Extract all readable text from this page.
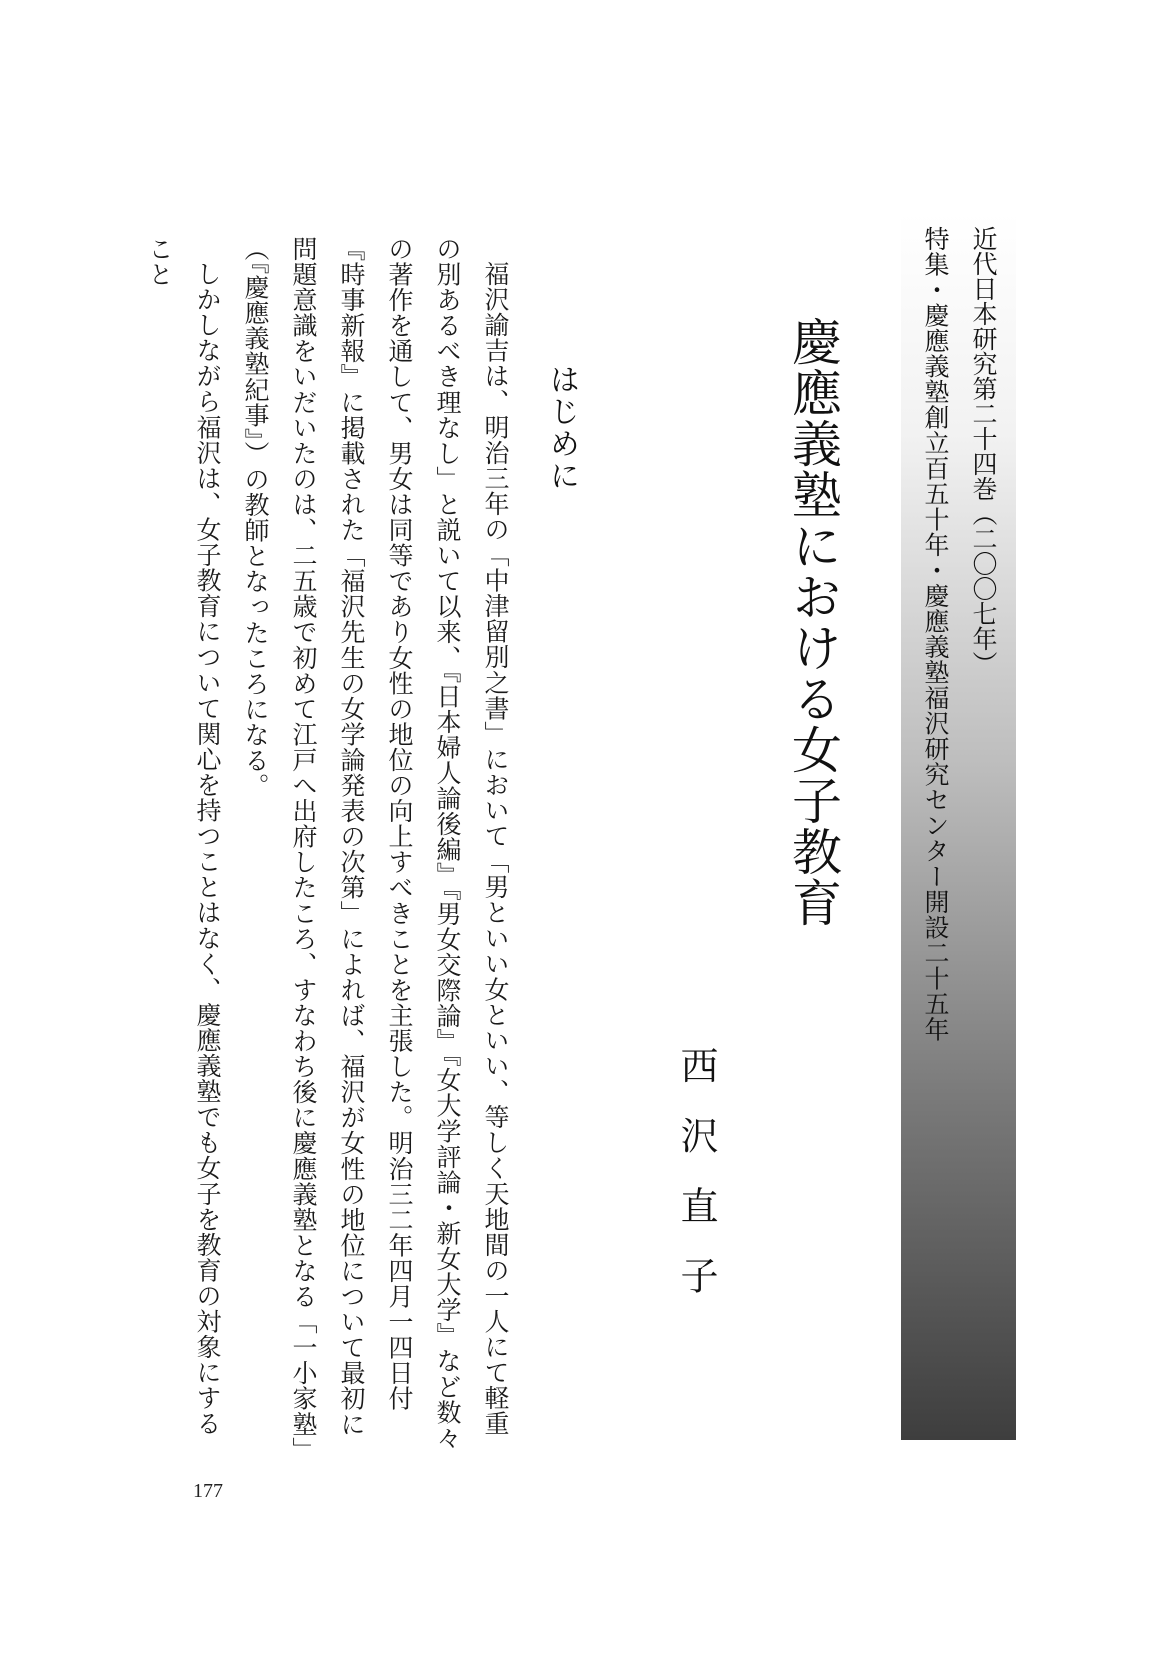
近代日本研究第二十四巻（二〇〇七年）
特集・慶應義塾創立百五十年・慶應義塾福沢研究センター開設二十五年
慶應義塾における女子教育
西沢直子
はじめに

福沢諭吉は、明治三年の「中津留別之書」において「男といい女といい、等しく天地間の一人にて軽重の別あるべき理なし」と説いて以来、『日本婦人論後編』『男女交際論』『女大学評論・新女大学』など数々の著作を通して、男女は同等であり女性の地位の向上すべきことを主張した。明治三二年四月一四日付『時事新報』に掲載された「福沢先生の女学論発表の次第」によれば、福沢が女性の地位について最初に問題意識をいだいたのは、二五歳で初めて江戸へ出府したころ、すなわち後に慶應義塾となる「一小家塾」（『慶應義塾紀事』）の教師となったころになる。

しかしながら福沢は、女子教育について関心を持つことはなく、慶應義塾でも女子を教育の対象にすること

177
